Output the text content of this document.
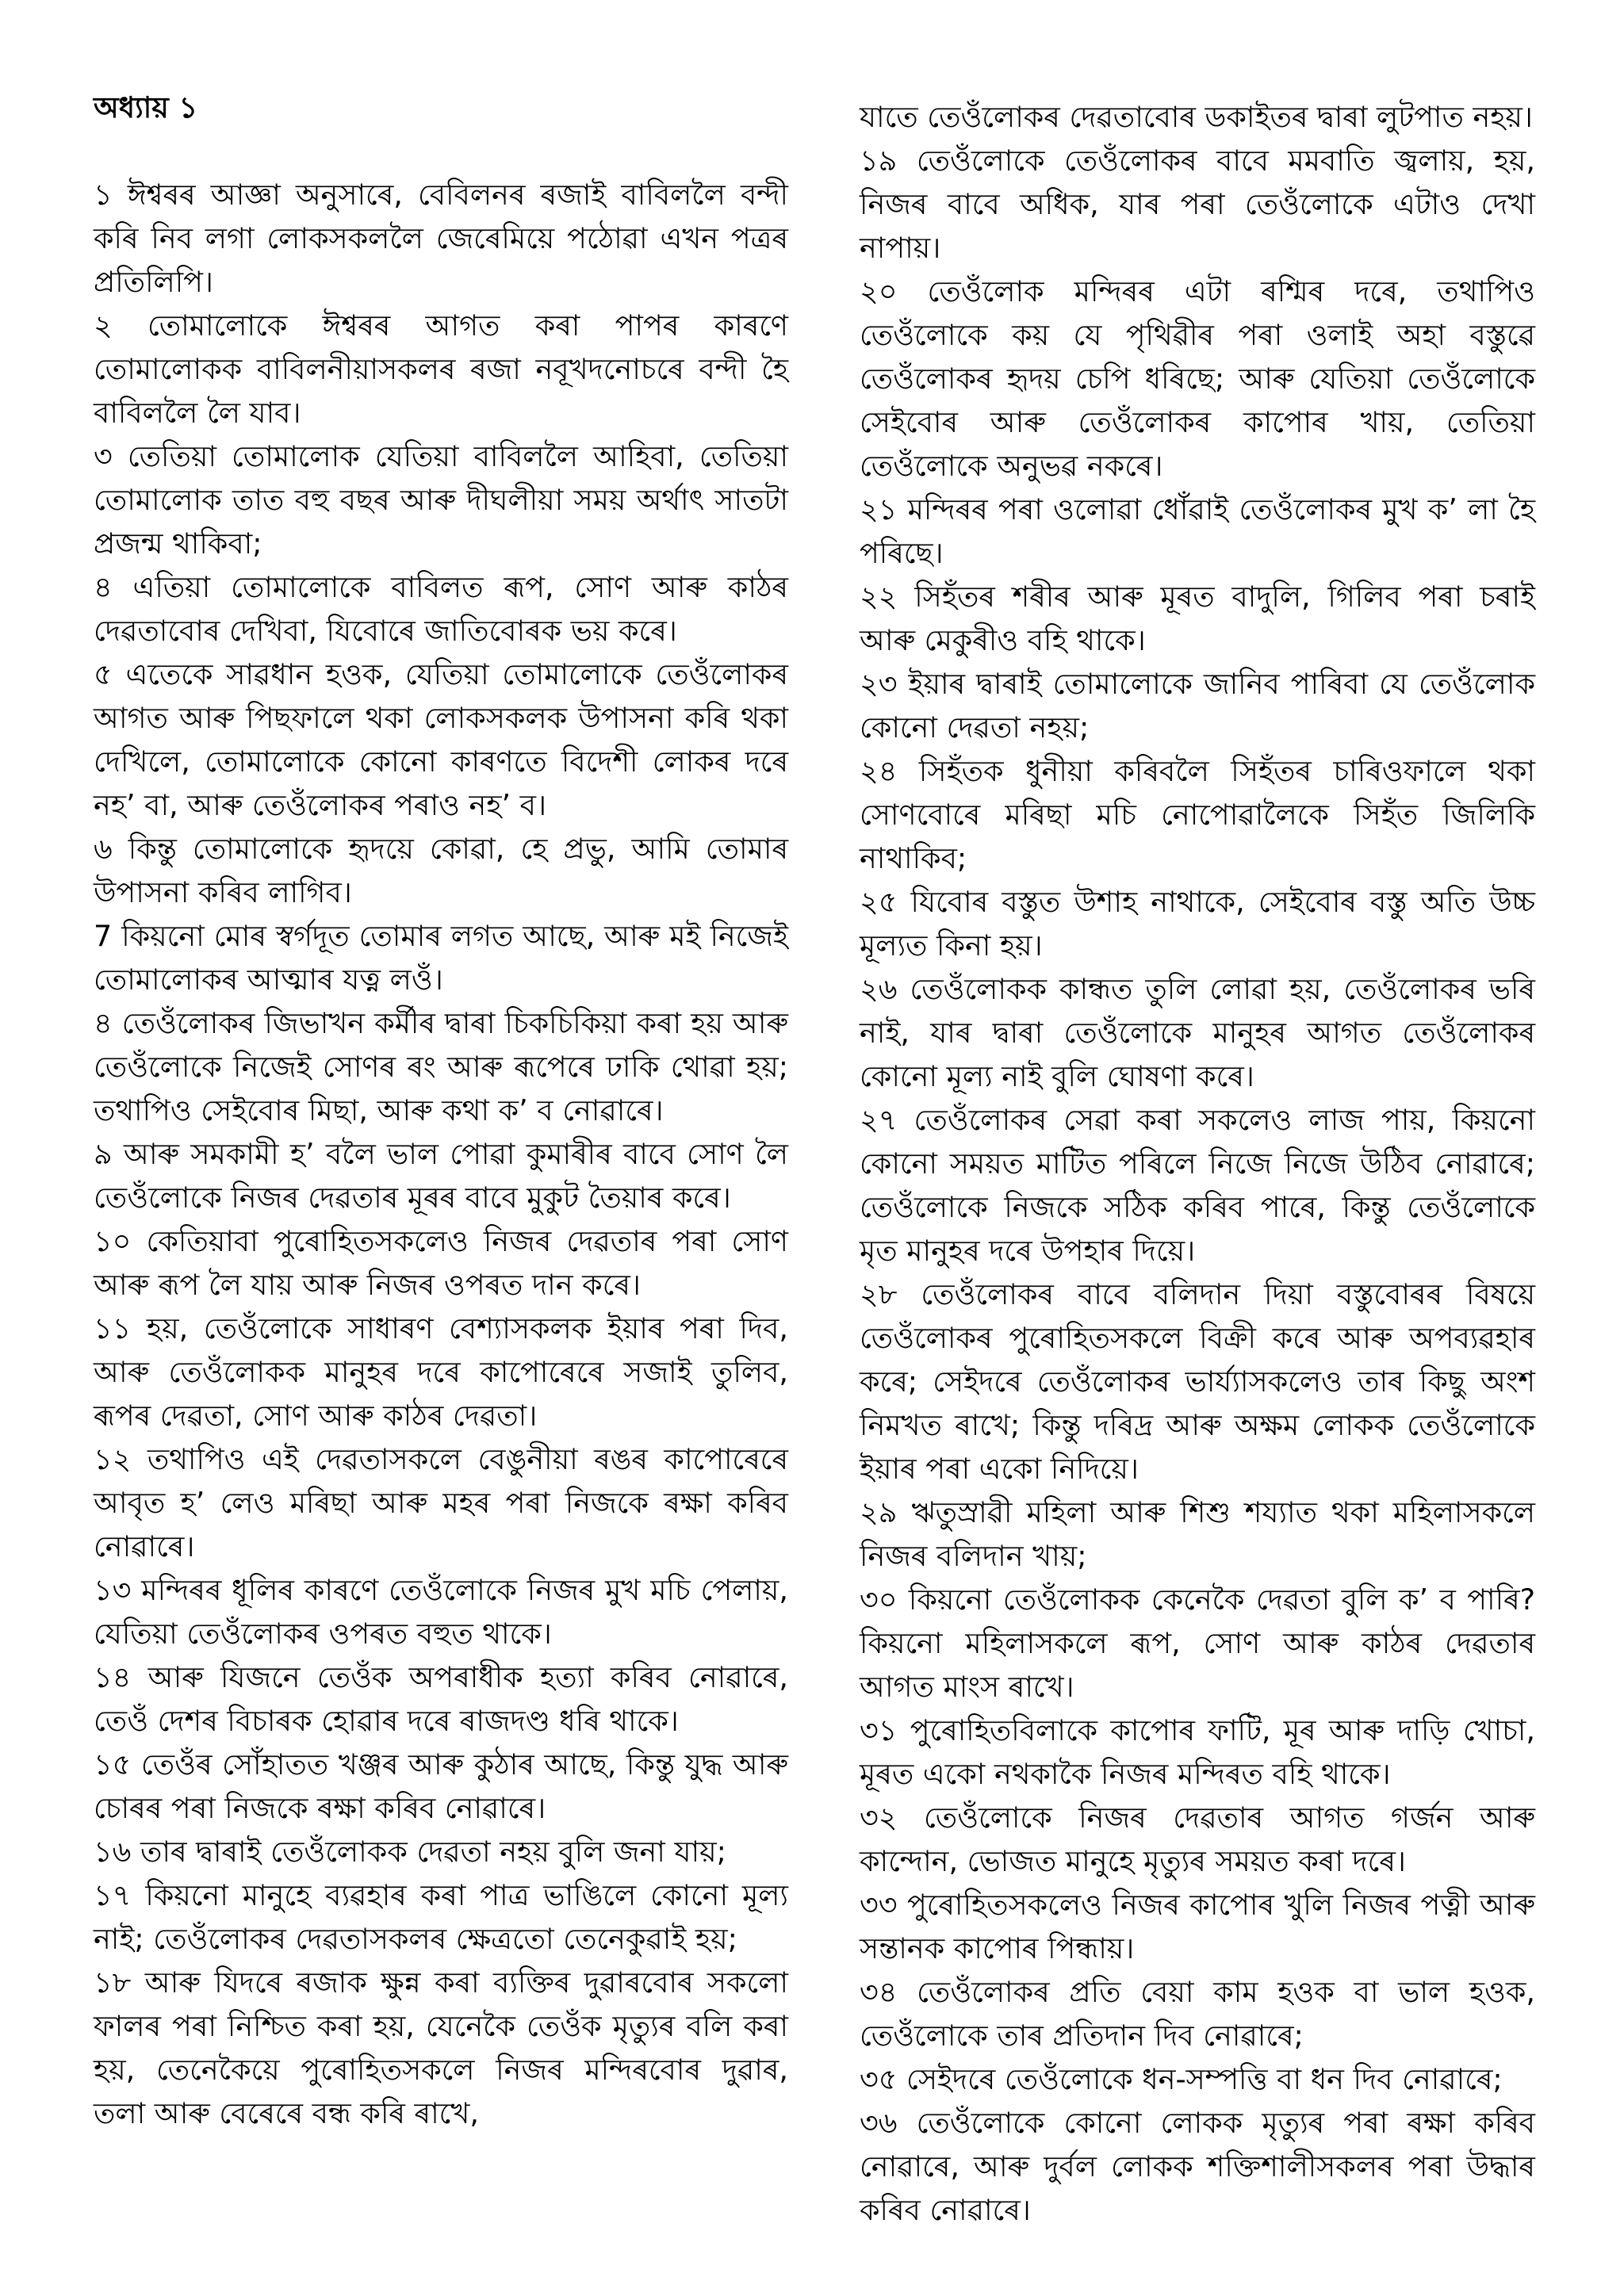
অধ্যায় ১

১ ঈশ্বৰৰ আজ্ঞা অনুসাৰে, বেবিলনৰ ৰজাই বাবিললৈ বন্দী কৰি নিব লগা লোকসকললৈ জেৰেমিয়ে পঠোৱা এখন পত্ৰৰ প্ৰতিলিপি।

২ তোমালোকে ঈশ্বৰৰ আগত কৰা পাপৰ কাৰণে তোমালোকক বাবিলনীয়াসকলৰ ৰজা নবূখদনোচৰে বন্দী হৈ বাবিললৈ লৈ যাব।

৩ তেতিয়া তোমালোক যেতিয়া বাবিললৈ আহিবা, তেতিয়া তোমালোক তাত বহু বছৰ আৰু দীঘলীয়া সময় অৰ্থাৎ সাতটা প্ৰজন্ম থাকিবা;

৪ এতিয়া তোমালোকে বাবিলত ৰূপ, সোণ আৰু কাঠৰ দেৱতাবোৰ দেখিবা, যিবোৰে জাতিবোৰক ভয় কৰে।

৫ এতেকে সাৱধান হওক, যেতিয়া তোমালোকে তেওঁলোকৰ আগত আৰু পিছফালে থকা লোকসকলক উপাসনা কৰি থকা দেখিলে, তোমালোকে কোনো কাৰণতে বিদেশী লোকৰ দৰে নহ’ বা, আৰু তেওঁলোকৰ পৰাও নহ’ ব।

৬ কিন্তু তোমালোকে হৃদয়ে কোৱা, হে প্ৰভু, আমি তোমাৰ উপাসনা কৰিব লাগিব।

7 কিয়নো মোৰ স্বৰ্গদূত তোমাৰ লগত আছে, আৰু মই নিজেই তোমালোকৰ আত্মাৰ যত্ন লওঁ।

৪ তেওঁলোকৰ জিভাখন কৰ্মীৰ দ্বাৰা চিকচিকিয়া কৰা হয় আৰু তেওঁলোকে নিজেই সোণৰ ৰং আৰু ৰূপেৰে ঢাকি থোৱা হয়; তথাপিও সেইবোৰ মিছা, আৰু কথা ক’ ব নোৱাৰে।

৯ আৰু সমকামী হ’ বলৈ ভাল পোৱা কুমাৰীৰ বাবে সোণ লৈ তেওঁলোকে নিজৰ দেৱতাৰ মূৰৰ বাবে মুকুট তৈয়াৰ কৰে।

১০ কেতিয়াবা পুৰোহিতসকলেও নিজৰ দেৱতাৰ পৰা সোণ আৰু ৰূপ লৈ যায় আৰু নিজৰ ওপৰত দান কৰে।

১১ হয়, তেওঁলোকে সাধাৰণ বেশ্যাসকলক ইয়াৰ পৰা দিব, আৰু তেওঁলোকক মানুহৰ দৰে কাপোৰেৰে সজাই তুলিব, ৰূপৰ দেৱতা, সোণ আৰু কাঠৰ দেৱতা।

১২ তথাপিও এই দেৱতাসকলে বেঙুনীয়া ৰঙৰ কাপোৰেৰে আবৃত হ’ লেও মৰিছা আৰু মহৰ পৰা নিজকে ৰক্ষা কৰিব নোৱাৰে।

১৩ মন্দিৰৰ ধূলিৰ কাৰণে তেওঁলোকে নিজৰ মুখ মচি পেলায়, যেতিয়া তেওঁলোকৰ ওপৰত বহুত থাকে।

১৪ আৰু যিজনে তেওঁক অপৰাধীক হত্যা কৰিব নোৱাৰে, তেওঁ দেশৰ বিচাৰক হোৱাৰ দৰে ৰাজদণ্ড ধৰি থাকে।

১৫ তেওঁৰ সোঁহাতত খঞ্জৰ আৰু কুঠাৰ আছে, কিন্তু যুদ্ধ আৰু চোৰৰ পৰা নিজকে ৰক্ষা কৰিব নোৱাৰে।

১৬ তাৰ দ্বাৰাই তেওঁলোকক দেৱতা নহয় বুলি জনা যায়;

১৭ কিয়নো মানুহে ব্যৱহাৰ কৰা পাত্ৰ ভাঙিলে কোনো মূল্য নাই; তেওঁলোকৰ দেৱতাসকলৰ ক্ষেত্ৰতো তেনেকুৱাই হয়;

১৮ আৰু যিদৰে ৰজাক ক্ষুন্ন কৰা ব্যক্তিৰ দুৱাৰবোৰ সকলো ফালৰ পৰা নিশ্চিত কৰা হয়, যেনেকৈ তেওঁক মৃত্যুৰ বলি কৰা হয়, তেনেকৈয়ে পুৰোহিতসকলে নিজৰ মন্দিৰবোৰ দুৱাৰ, তলা আৰু বেৰেৰে বন্ধ কৰি ৰাখে,

যাতে তেওঁলোকৰ দেৱতাবোৰ ডকাইতৰ দ্বাৰা লুটপাত নহয়।

১৯ তেওঁলোকে তেওঁলোকৰ বাবে মমবাতি জ্বলায়, হয়, নিজৰ বাবে অধিক, যাৰ পৰা তেওঁলোকে এটাও দেখা নাপায়।

২০ তেওঁলোক মন্দিৰৰ এটা ৰশ্মিৰ দৰে, তথাপিও তেওঁলোকে কয় যে পৃথিৱীৰ পৰা ওলাই অহা বস্তুৱে তেওঁলোকৰ হৃদয় চেপি ধৰিছে; আৰু যেতিয়া তেওঁলোকে সেইবোৰ আৰু তেওঁলোকৰ কাপোৰ খায়, তেতিয়া তেওঁলোকে অনুভৱ নকৰে।

২১ মন্দিৰৰ পৰা ওলোৱা ধোঁৱাই তেওঁলোকৰ মুখ ক’ লা হৈ পৰিছে।

২২ সিহঁতৰ শৰীৰ আৰু মূৰত বাদুলি, গিলিব পৰা চৰাই আৰু মেকুৰীও বহি থাকে।

২৩ ইয়াৰ দ্বাৰাই তোমালোকে জানিব পাৰিবা যে তেওঁলোক কোনো দেৱতা নহয়;

২৪ সিহঁতক ধুনীয়া কৰিবলৈ সিহঁতৰ চাৰিওফালে থকা সোণবোৰে মৰিছা মচি নোপোৱালৈকে সিহঁত জিলিকি নাথাকিব;

২৫ যিবোৰ বস্তুত উশাহ নাথাকে, সেইবোৰ বস্তু অতি উচ্চ মূল্যত কিনা হয়।

২৬ তেওঁলোকক কান্ধত তুলি লোৱা হয়, তেওঁলোকৰ ভৰি নাই, যাৰ দ্বাৰা তেওঁলোকে মানুহৰ আগত তেওঁলোকৰ কোনো মূল্য নাই বুলি ঘোষণা কৰে।

২৭ তেওঁলোকৰ সেৱা কৰা সকলেও লাজ পায়, কিয়নো কোনো সময়ত মাটিত পৰিলে নিজে নিজে উঠিব নোৱাৰে; তেওঁলোকে নিজকে সঠিক কৰিব পাৰে, কিন্তু তেওঁলোকে মৃত মানুহৰ দৰে উপহাৰ দিয়ে।

২৮ তেওঁলোকৰ বাবে বলিদান দিয়া বস্তুবোৰৰ বিষয়ে তেওঁলোকৰ পুৰোহিতসকলে বিক্ৰী কৰে আৰু অপব্যৱহাৰ কৰে; সেইদৰে তেওঁলোকৰ ভাৰ্য্যাসকলেও তাৰ কিছু অংশ নিমখত ৰাখে; কিন্তু দৰিদ্ৰ আৰু অক্ষম লোকক তেওঁলোকে ইয়াৰ পৰা একো নিদিয়ে।

২৯ ঋতুস্ৰাৱী মহিলা আৰু শিশু শয্যাত থকা মহিলাসকলে নিজৰ বলিদান খায়;

৩০ কিয়নো তেওঁলোকক কেনেকৈ দেৱতা বুলি ক’ ব পাৰি? কিয়নো মহিলাসকলে ৰূপ, সোণ আৰু কাঠৰ দেৱতাৰ আগত মাংস ৰাখে।

৩১ পুৰোহিতবিলাকে কাপোৰ ফাটি, মূৰ আৰু দাড়ি খোচা, মূৰত একো নথকাকৈ নিজৰ মন্দিৰত বহি থাকে।

৩২ তেওঁলোকে নিজৰ দেৱতাৰ আগত গৰ্জন আৰু কান্দোন, ভোজত মানুহে মৃত্যুৰ সময়ত কৰা দৰে।

৩৩ পুৰোহিতসকলেও নিজৰ কাপোৰ খুলি নিজৰ পত্নী আৰু সন্তানক কাপোৰ পিন্ধায়।

৩৪ তেওঁলোকৰ প্ৰতি বেয়া কাম হওক বা ভাল হওক, তেওঁলোকে তাৰ প্ৰতিদান দিব নোৱাৰে;

৩৫ সেইদৰে তেওঁলোকে ধন-সম্পত্তি বা ধন দিব নোৱাৰে;

৩৬ তেওঁলোকে কোনো লোকক মৃত্যুৰ পৰা ৰক্ষা কৰিব নোৱাৰে, আৰু দুৰ্বল লোকক শক্তিশালীসকলৰ পৰা উদ্ধাৰ কৰিব নোৱাৰে।
